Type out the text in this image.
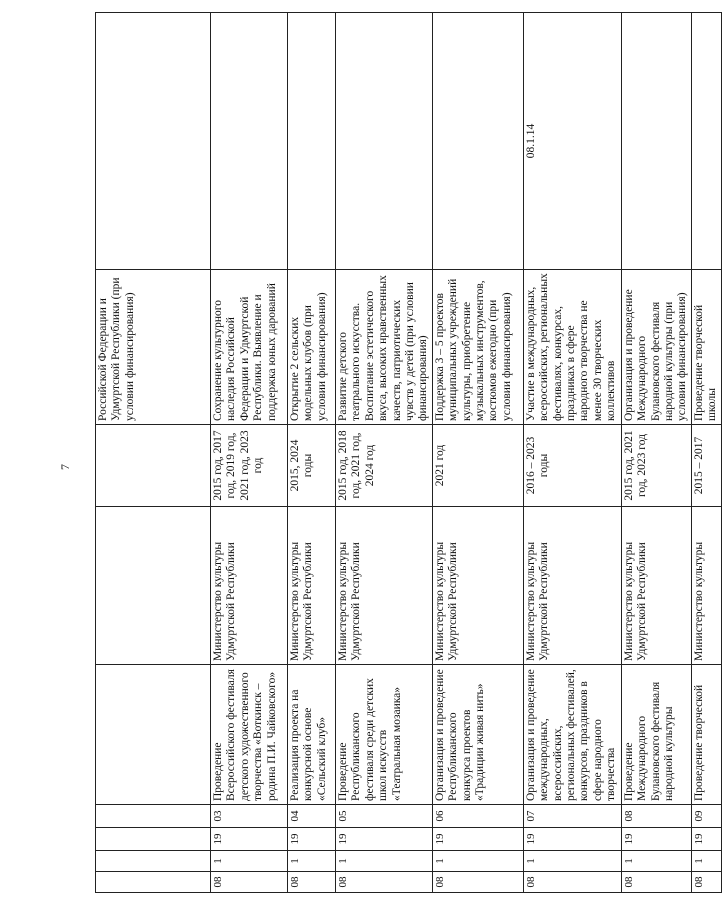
7
							Российской Федерации и Удмуртской Республики (при условии финансирования)	
08	1	19	03	Проведение Всероссийского фестиваля детского художественного творчества «Воткинск – родина П.И. Чайковского»	Министерство культуры Удмуртской Республики	2015 год, 2017 год, 2019 год, 2021 год, 2023 год	Сохранение культурного наследия Российской Федерации и Удмуртской Республики. Выявление и поддержка юных дарований	
08	1	19	04	Реализация проекта на конкурсной основе «Сельский клуб»	Министерство культуры Удмуртской Республики	2015, 2024 годы	Открытие 2 сельских модельных клубов (при условии финансирования)	
08	1	19	05	Проведение Республиканского фестиваля среди детских школ искусств «Театральная мозаика»	Министерство культуры Удмуртской Республики	2015 год, 2018 год, 2021 год, 2024 год	Развитие детского театрального искусства. Воспитание эстетического вкуса, высоких нравственных качеств, патриотических чувств у детей (при условии финансирования)	
08	1	19	06	Организация и проведение Республиканского конкурса проектов «Традиции живая нить»	Министерство культуры Удмуртской Республики	2021 год	Поддержка 3 – 5 проектов муниципальных учреждений культуры, приобретение музыкальных инструментов, костюмов ежегодно (при условии финансирования)	
08	1	19	07	Организация и проведение международных, всероссийских, региональных фестивалей, конкурсов, праздников в сфере народного творчества	Министерство культуры Удмуртской Республики	2016 – 2023 годы	Участие в международных, всероссийских, региональных фестивалях, конкурсах, праздниках в сфере народного творчества не менее 30 творческих коллективов	08.1.14
08	1	19	08	Проведение Международного Булановского фестиваля народной культуры	Министерство культуры Удмуртской Республики	2015 год, 2021 год, 2023 год	Организация и проведение Международного Булановского фестиваля народной культуры (при условии финансирования)	
08	1	19	09	Проведение творческой	Министерство культуры	2015 – 2017	Проведение творческой школы	
